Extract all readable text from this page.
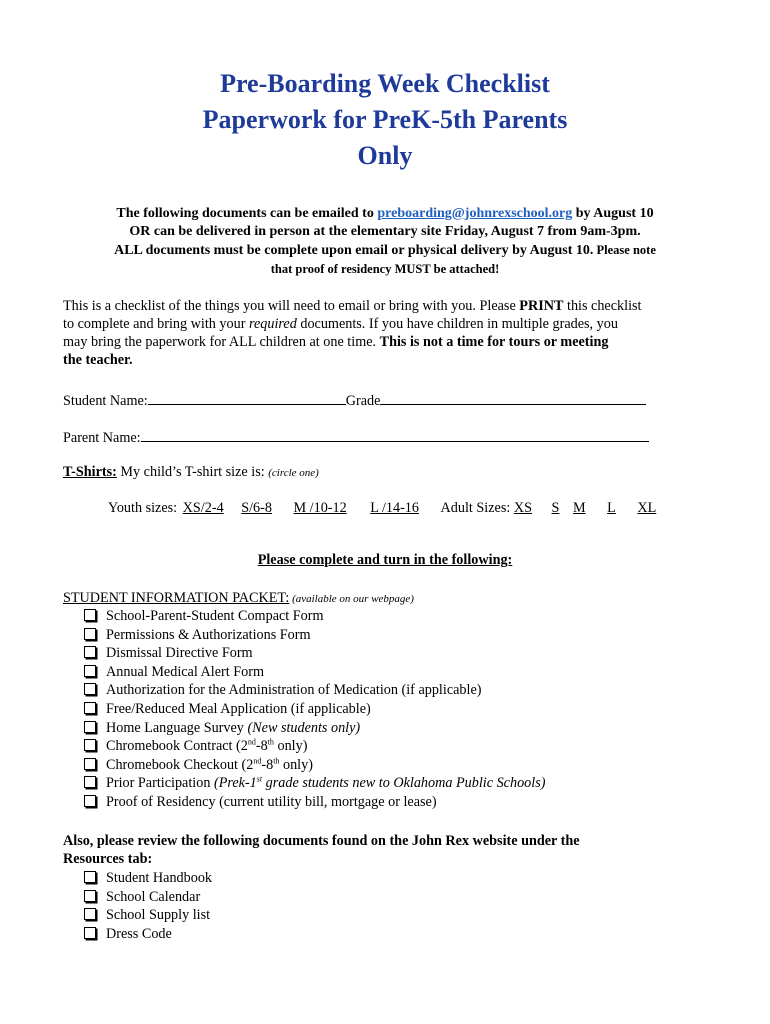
Pre-Boarding Week Checklist
Paperwork for PreK-5th Parents
Only
The following documents can be emailed to preboarding@johnrexschool.org by August 10
OR can be delivered in person at the elementary site Friday, August 7 from 9am-3pm.
ALL documents must be complete upon email or physical delivery by August 10. Please note
that proof of residency MUST be attached!
This is a checklist of the things you will need to email or bring with you. Please PRINT this checklist
to complete and bring with your required documents. If you have children in multiple grades, you
may bring the paperwork for ALL children at one time. This is not a time for tours or meeting
the teacher.
Student Name:	Grade
Parent Name:
T-Shirts: My child’s T-shirt size is: (circle one)
Youth sizes: XS/2-4 S/6-8 M /10-12 L /14-16 Adult Sizes: XS S M L XL
Please complete and turn in the following:
STUDENT INFORMATION PACKET: (available on our webpage)
School-Parent-Student Compact Form
Permissions & Authorizations Form
Dismissal Directive Form
Annual Medical Alert Form
Authorization for the Administration of Medication (if applicable)
Free/Reduced Meal Application (if applicable)
Home Language Survey (New students only)
Chromebook Contract (2nd-8th only)
Chromebook Checkout (2nd-8th only)
Prior Participation (Prek-1st grade students new to Oklahoma Public Schools)
Proof of Residency (current utility bill, mortgage or lease)
Also, please review the following documents found on the John Rex website under the
Resources tab:
Student Handbook
School Calendar
School Supply list
Dress Code
